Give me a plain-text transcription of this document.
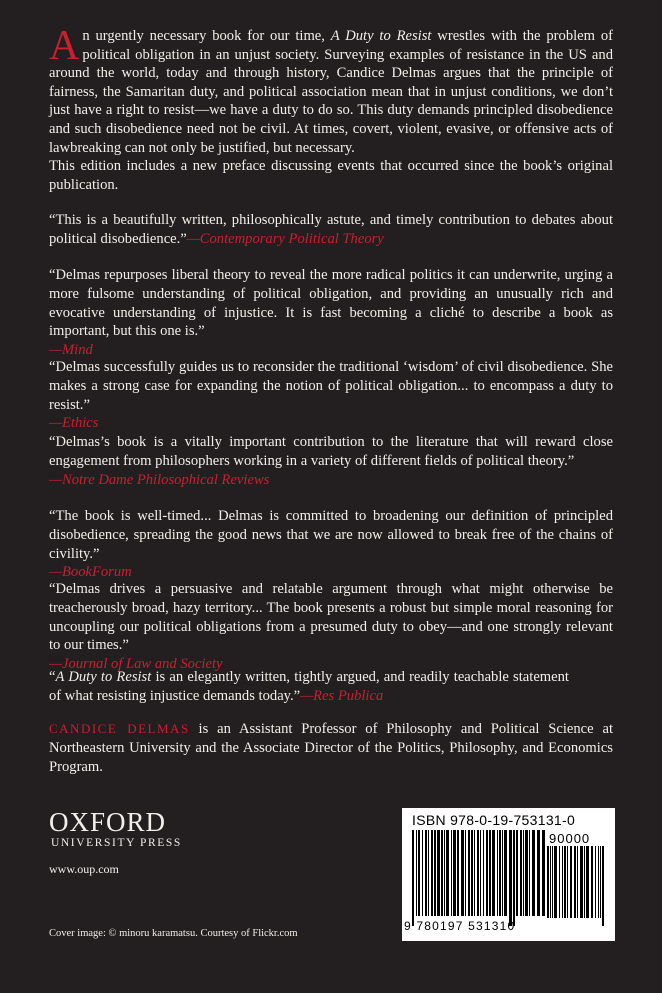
An urgently necessary book for our time, A Duty to Resist wrestles with the problem of political obligation in an unjust society. Surveying examples of resistance in the US and around the world, today and through history, Candice Delmas argues that the principle of fairness, the Samaritan duty, and political association mean that in unjust conditions, we don’t just have a right to resist—we have a duty to do so. This duty demands principled disobedience and such disobedience need not be civil. At times, covert, violent, evasive, or offensive acts of lawbreaking can not only be justified, but necessary.

This edition includes a new preface discussing events that occurred since the book’s original publication.

“This is a beautifully written, philosophically astute, and timely contribution to debates about political disobedience.”—Contemporary Political Theory
“Delmas repurposes liberal theory to reveal the more radical politics it can underwrite, urging a more fulsome understanding of political obligation, and providing an unusually rich and evocative understanding of injustice. It is fast becoming a cliché to describe a book as important, but this one is.”
—Mind
“Delmas successfully guides us to reconsider the traditional ‘wisdom’ of civil disobedience. She makes a strong case for expanding the notion of political obligation... to encompass a duty to resist.”
—Ethics
“Delmas’s book is a vitally important contribution to the literature that will reward close engagement from philosophers working in a variety of different fields of political theory.”
—Notre Dame Philosophical Reviews
“The book is well-timed... Delmas is committed to broadening our definition of principled disobedience, spreading the good news that we are now allowed to break free of the chains of civility.”
—BookForum
“Delmas drives a persuasive and relatable argument through what might otherwise be treacherously broad, hazy territory... The book presents a robust but simple moral reasoning for uncoupling our political obligations from a presumed duty to obey—and one strongly relevant to our times.”
—Journal of Law and Society
“A Duty to Resist is an elegantly written, tightly argued, and readily teachable statement of what resisting injustice demands today.”—Res Publica
CANDICE DELMAS is an Assistant Professor of Philosophy and Political Science at Northeastern University and the Associate Director of the Politics, Philosophy, and Economics Program.
OXFORD
UNIVERSITY PRESS
www.oup.com
Cover image: © minoru karamatsu. Courtesy of Flickr.com
ISBN 978-0-19-753131-0
90000
9 780197 531310
